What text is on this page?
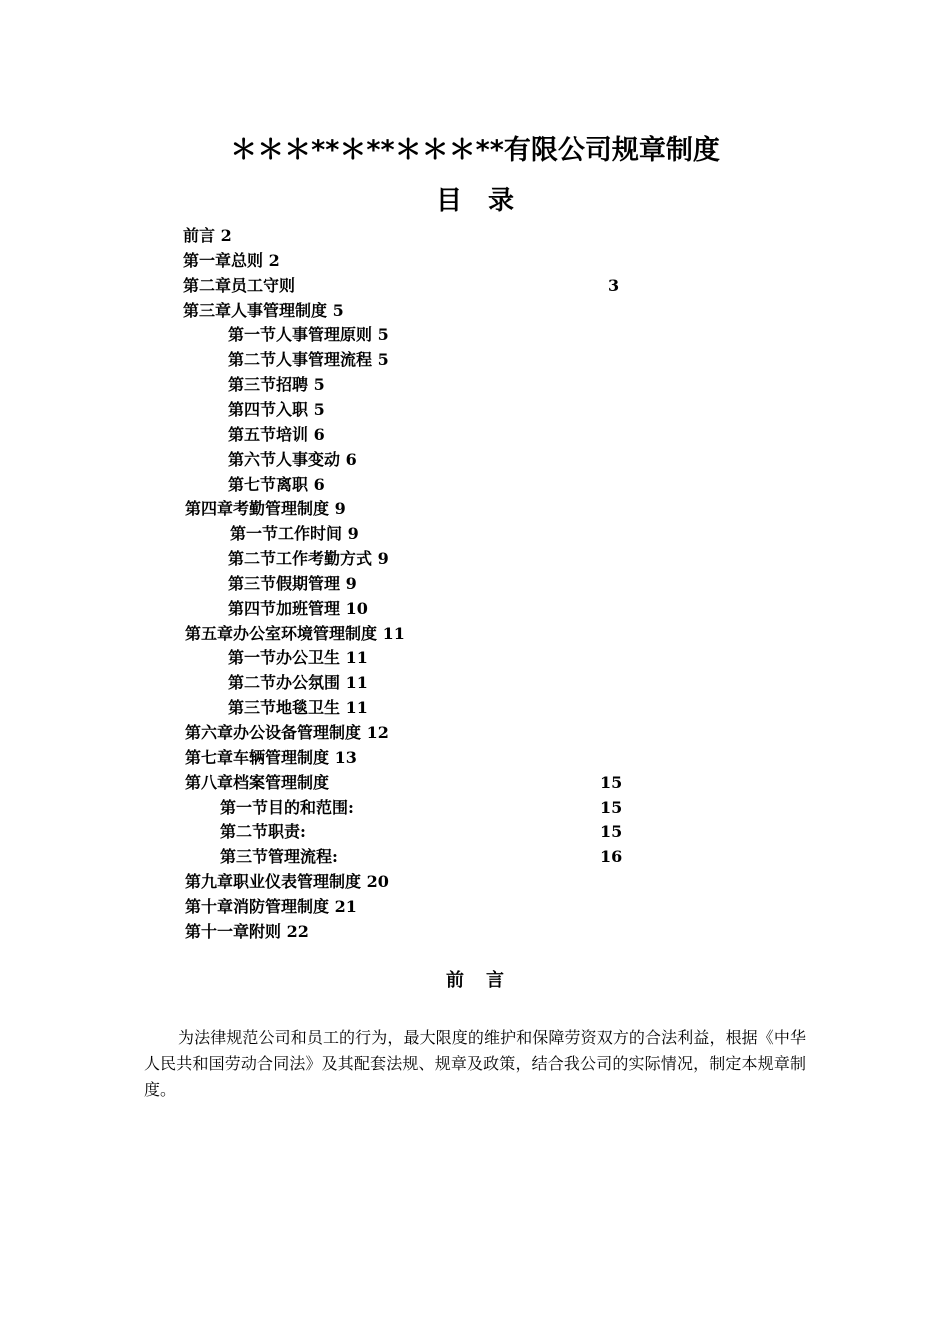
＊＊＊**＊**＊＊＊**有限公司规章制度
目录
前言 2
第一章总则 2
第二章员工守则	3
第三章人事管理制度 5
第一节人事管理原则 5
第二节人事管理流程 5
第三节招聘 5
第四节入职 5
第五节培训 6
第六节人事变动 6
第七节离职 6
第四章考勤管理制度 9
第一节工作时间 9
第二节工作考勤方式 9
第三节假期管理 9
第四节加班管理 10
第五章办公室环境管理制度 11
第一节办公卫生 11
第二节办公氛围 11
第三节地毯卫生 11
第六章办公设备管理制度 12
第七章车辆管理制度 13
第八章档案管理制度	15
第一节目的和范围:	15
第二节职责:	15
第三节管理流程:	16
第九章职业仪表管理制度 20
第十章消防管理制度 21
第十一章附则 22
前言
为法律规范公司和员工的行为，最大限度的维护和保障劳资双方的合法利益，根据《中华人民共和国劳动合同法》及其配套法规、规章及政策，结合我公司的实际情况，制定本规章制度。
